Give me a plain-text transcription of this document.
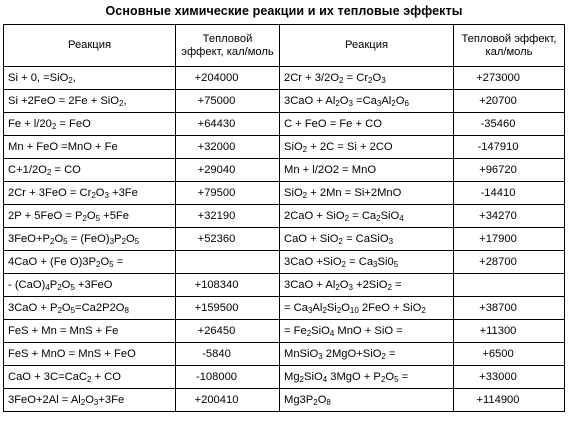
Основные химические реакции и их тепловые эффекты
Реакция	Тепловой эффект, кал/моль	Реакция	Тепловой эффект, кал/моль

Si + 0, =SiO$_2$,	+204000	$2Cr + 3/2O_2 = Cr_2O_3$	+273000
Si +2FeO = 2Fe + SiO$_2$,	+75000	$3CaO + Al_2O_3 =Ca_3Al_2O_6$	+20700
$Fe + l/20_2$ = FeO	+64430	C + FeO = Fe + CO	-35460
Mn + FeO =MnO + Fe	+32000	SiO$_2$ + 2C = Si + 2CO	-147910
$C+1/2O_2$ = CO	+29040	Mn + l/2O2 = MnO	+96720
$2Cr + 3FeO = Cr_2O_3 +3Fe$	+79500	SiO$_2$ + 2Mn = Si+2MnO	-14410
$2P + 5FeO = P_2O_5 +5Fe$	+32190	$2CaO + SiO_2 = Ca_2SiO_4$	+34270
$3FeO+P_2O_5 = (FeO)_3P_2O_5$	+52360	CaO + SiO$_2$ = CaSiO$_3$	+17900
4CaO + (Fe $O)3P_2O_5$ =		$3CaO +SiO_2 = Ca_3Si0_5$	+28700
- $(CaO)_4P_2O_5 +3FeO$	+108340	$3CaO + Al_2O_3 +2SiO_2$ =	
$3CaO + P_2O_5=Ca2P2O_8$	+159500	= $Ca_3Al_2Si_2O_{10}$ 2FeO + SiO$_2$	+38700
FeS + Mn = MnS + Fe	+26450	= $Fe_2SiO_4$ MnO + SiO =	+11300
FeS + MnO = MnS + FeO	-5840	MnSiO$_3$ 2MgO+SiO$_2$ =	+6500
CaO + 3C=CaC$_2$ + CO	-108000	$Mg_2SiO_4$ $3MgO + P_2O_5$ =	+33000
$3FeO+2Al = Al_2O_3+3Fe$	+200410	$Mg3P_2O_8$	+114900
